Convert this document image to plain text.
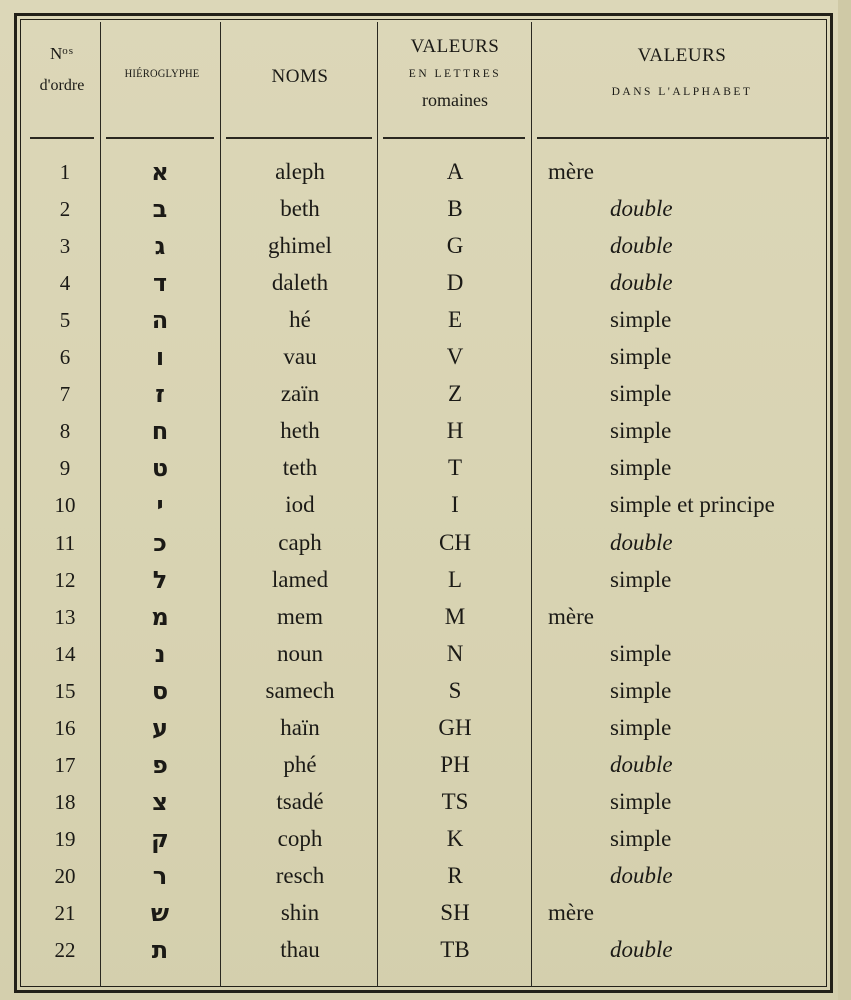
$N^{os}$
d'ordre
HIÉROGLYPHE	NOMS
VALEURS
EN LETTRES
romaines
VALEURS
DANS L'ALPHABET
1	א	aleph	A	mère
2	ב	beth	B	double
3	ג	ghimel	G	double
4	ד	daleth	D	double
5	ה	hé	E	simple
6	ו	vau	V	simple
7	ז	zaïn	Z	simple
8	ח	heth	H	simple
9	ט	teth	T	simple
10	י	iod	I	simple et principe
11	כ	caph	CH	double
12	ל	lamed	L	simple
13	מ	mem	M	mère
14	נ	noun	N	simple
15	ס	samech	S	simple
16	ע	haïn	GH	simple
17	פ	phé	PH	double
18	צ	tsadé	TS	simple
19	ק	coph	K	simple
20	ר	resch	R	double
21	ש	shin	SH	mère
22	ת	thau	TB	double
